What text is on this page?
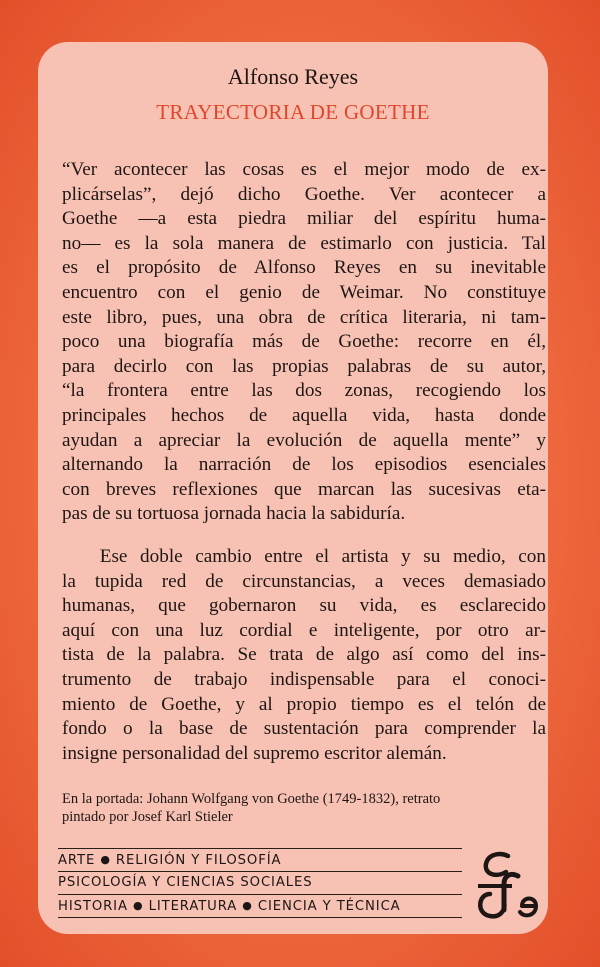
Alfonso Reyes
TRAYECTORIA DE GOETHE
“Ver acontecer las cosas es el mejor modo de ex-
plicárselas”, dejó dicho Goethe. Ver acontecer a
Goethe —a esta piedra miliar del espíritu huma-
no— es la sola manera de estimarlo con justicia. Tal
es el propósito de Alfonso Reyes en su inevitable
encuentro con el genio de Weimar. No constituye
este libro, pues, una obra de crítica literaria, ni tam-
poco una biografía más de Goethe: recorre en él,
para decirlo con las propias palabras de su autor,
“la frontera entre las dos zonas, recogiendo los
principales hechos de aquella vida, hasta donde
ayudan a apreciar la evolución de aquella mente” y
alternando la narración de los episodios esenciales
con breves reflexiones que marcan las sucesivas eta-
pas de su tortuosa jornada hacia la sabiduría.
Ese doble cambio entre el artista y su medio, con
la tupida red de circunstancias, a veces demasiado
humanas, que gobernaron su vida, es esclarecido
aquí con una luz cordial e inteligente, por otro ar-
tista de la palabra. Se trata de algo así como del ins-
trumento de trabajo indispensable para el conoci-
miento de Goethe, y al propio tiempo es el telón de
fondo o la base de sustentación para comprender la
insigne personalidad del supremo escritor alemán.
En la portada: Johann Wolfgang von Goethe (1749-1832), retrato
pintado por Josef Karl Stieler
ARTE ● RELIGIÓN Y FILOSOFÍA
PSICOLOGÍA Y CIENCIAS SOCIALES
HISTORIA ● LITERATURA ● CIENCIA Y TÉCNICA
